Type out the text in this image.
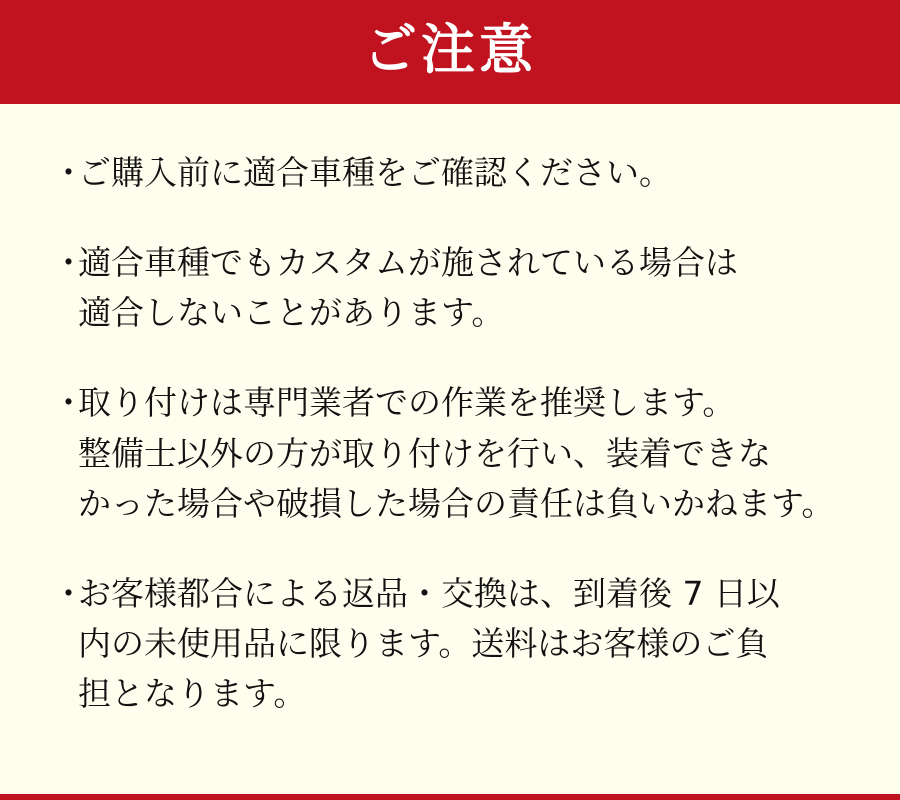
ご注意
・
ご購入前に適合車種をご確認ください。
・
適合車種でもカスタムが施されている場合は
適合しないことがあります。
・
取り付けは専門業者での作業を推奨します。
整備士以外の方が取り付けを行い、装着できな
かった場合や破損した場合の責任は負いかねます。
・
お客様都合による返品・交換は、到着後 7 日以
内の未使用品に限ります。送料はお客様のご負
担となります。
